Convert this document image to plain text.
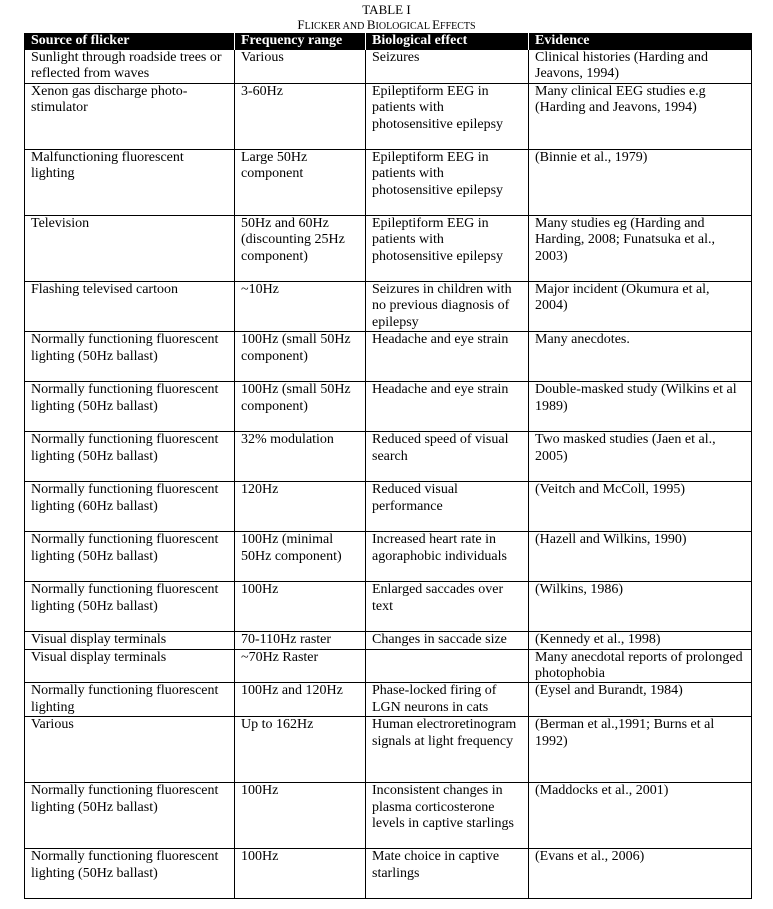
TABLE I
FLICKER AND BIOLOGICAL EFFECTS
Source of flicker	Frequency range	Biological effect	Evidence
Sunlight through roadside trees or reflected from waves	Various	Seizures	Clinical histories (Harding and Jeavons, 1994)
Xenon gas discharge photo-stimulator	3-60Hz	Epileptiform EEG in patients with photosensitive epilepsy	Many clinical EEG studies e.g (Harding and Jeavons, 1994)
Malfunctioning fluorescent lighting	Large 50Hz component	Epileptiform EEG in patients with photosensitive epilepsy	(Binnie et al., 1979)
Television	50Hz and 60Hz (discounting 25Hz component)	Epileptiform EEG in patients with photosensitive epilepsy	Many studies eg (Harding and Harding, 2008; Funatsuka et al., 2003)
Flashing televised cartoon	~10Hz	Seizures in children with no previous diagnosis of epilepsy	Major incident (Okumura et al, 2004)
Normally functioning fluorescent lighting (50Hz ballast)	100Hz (small 50Hz component)	Headache and eye strain	Many anecdotes.
Normally functioning fluorescent lighting (50Hz ballast)	100Hz (small 50Hz component)	Headache and eye strain	Double-masked study (Wilkins et al 1989)
Normally functioning fluorescent lighting (50Hz ballast)	32% modulation	Reduced speed of visual search	Two masked studies (Jaen et al., 2005)
Normally functioning fluorescent lighting (60Hz ballast)	120Hz	Reduced visual performance	(Veitch and McColl, 1995)
Normally functioning fluorescent lighting (50Hz ballast)	100Hz (minimal 50Hz component)	Increased heart rate in agoraphobic individuals	(Hazell and Wilkins, 1990)
Normally functioning fluorescent lighting (50Hz ballast)	100Hz	Enlarged saccades over text	(Wilkins, 1986)
Visual display terminals	70-110Hz raster	Changes in saccade size	(Kennedy et al., 1998)
Visual display terminals	~70Hz Raster		Many anecdotal reports of prolonged photophobia
Normally functioning fluorescent lighting	100Hz and 120Hz	Phase-locked firing of LGN neurons in cats	(Eysel and Burandt, 1984)
Various	Up to 162Hz	Human electroretinogram signals at light frequency	(Berman et al.,1991; Burns et al 1992)
Normally functioning fluorescent lighting (50Hz ballast)	100Hz	Inconsistent changes in plasma corticosterone levels in captive starlings	(Maddocks et al., 2001)
Normally functioning fluorescent lighting (50Hz ballast)	100Hz	Mate choice in captive starlings	(Evans et al., 2006)
